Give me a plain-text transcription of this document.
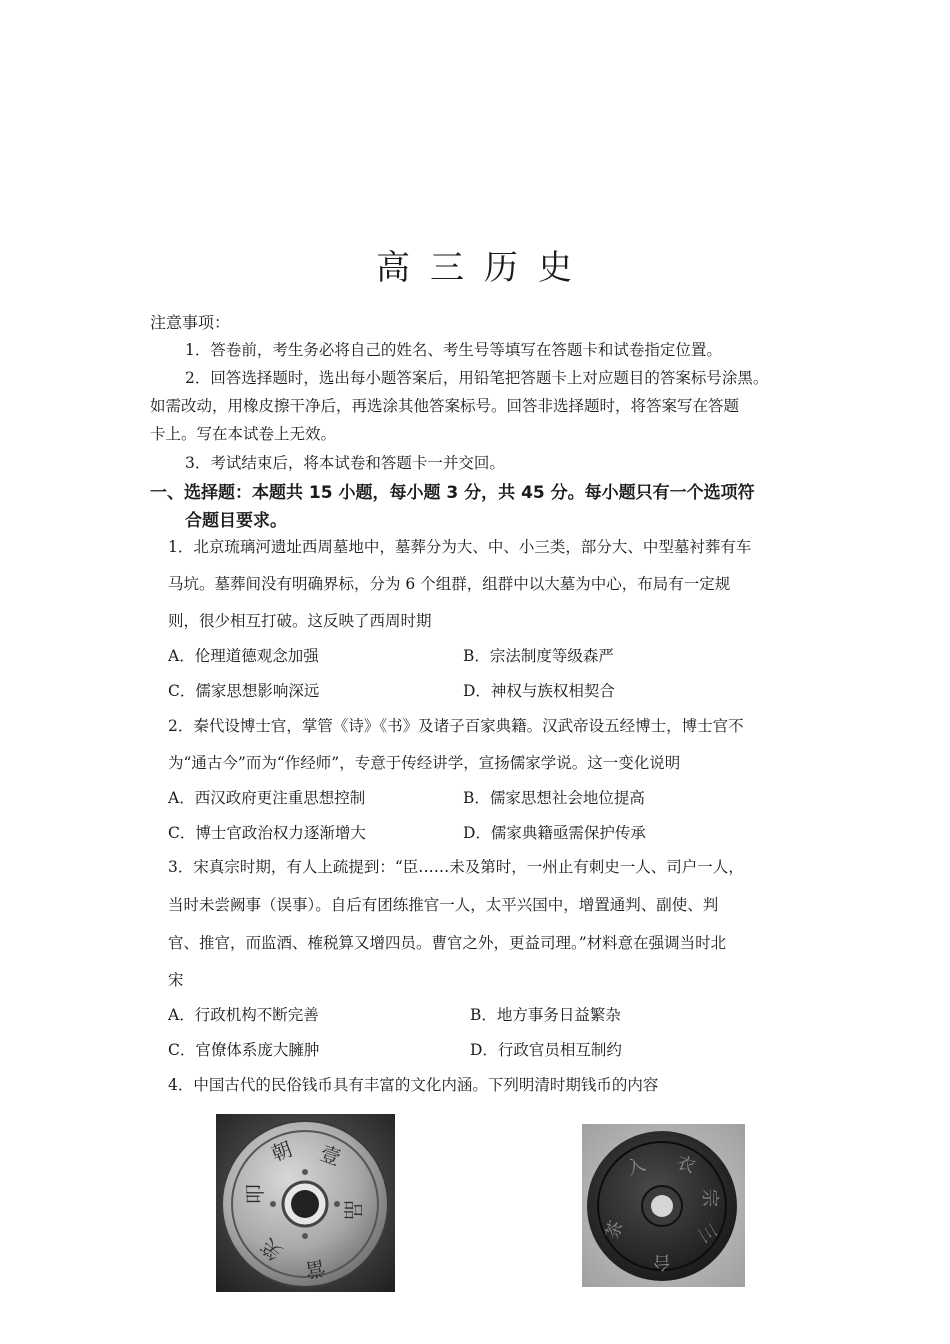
高 三 历 史
注意事项：
1．答卷前，考生务必将自己的姓名、考生号等填写在答题卡和试卷指定位置。
2．回答选择题时，选出每小题答案后，用铅笔把答题卡上对应题目的答案标号涂黑。
如需改动，用橡皮擦干净后，再选涂其他答案标号。回答非选择题时，将答案写在答题
卡上。写在本试卷上无效。
3．考试结束后，将本试卷和答题卡一并交回。
一、选择题：本题共 15 小题，每小题 3 分，共 45 分。每小题只有一个选项符
合题目要求。
1．北京琉璃河遗址西周墓地中，墓葬分为大、中、小三类，部分大、中型墓衬葬有车
马坑。墓葬间没有明确界标，分为 6 个组群，组群中以大墓为中心，布局有一定规
则，很少相互打破。这反映了西周时期
A．伦理道德观念加强	B．宗法制度等级森严
C．儒家思想影响深远	D．神权与族权相契合
2．秦代设博士官，掌管《诗》《书》及诸子百家典籍。汉武帝设五经博士，博士官不
为“通古今”而为“作经师”，专意于传经讲学，宣扬儒家学说。这一变化说明
A．西汉政府更注重思想控制	B．儒家思想社会地位提高
C．博士官政治权力逐渐增大	D．儒家典籍亟需保护传承
3．宋真宗时期，有人上疏提到：“臣……未及第时，一州止有刺史一人、司户一人，
当时未尝阙事（误事）。自后有团练推官一人，太平兴国中，增置通判、副使、判
官、推官，而监酒、榷税算又增四员。曹官之外，更益司理。”材料意在强调当时北
宋
A．行政机构不断完善	B．地方事务日益繁杂
C．官僚体系庞大臃肿	D．行政官员相互制约
4．中国古代的民俗钱币具有丰富的文化内涵。下列明清时期钱币的内容
壹
品
當
朝
叩
笑
入 衣
三
台
茶
宗
